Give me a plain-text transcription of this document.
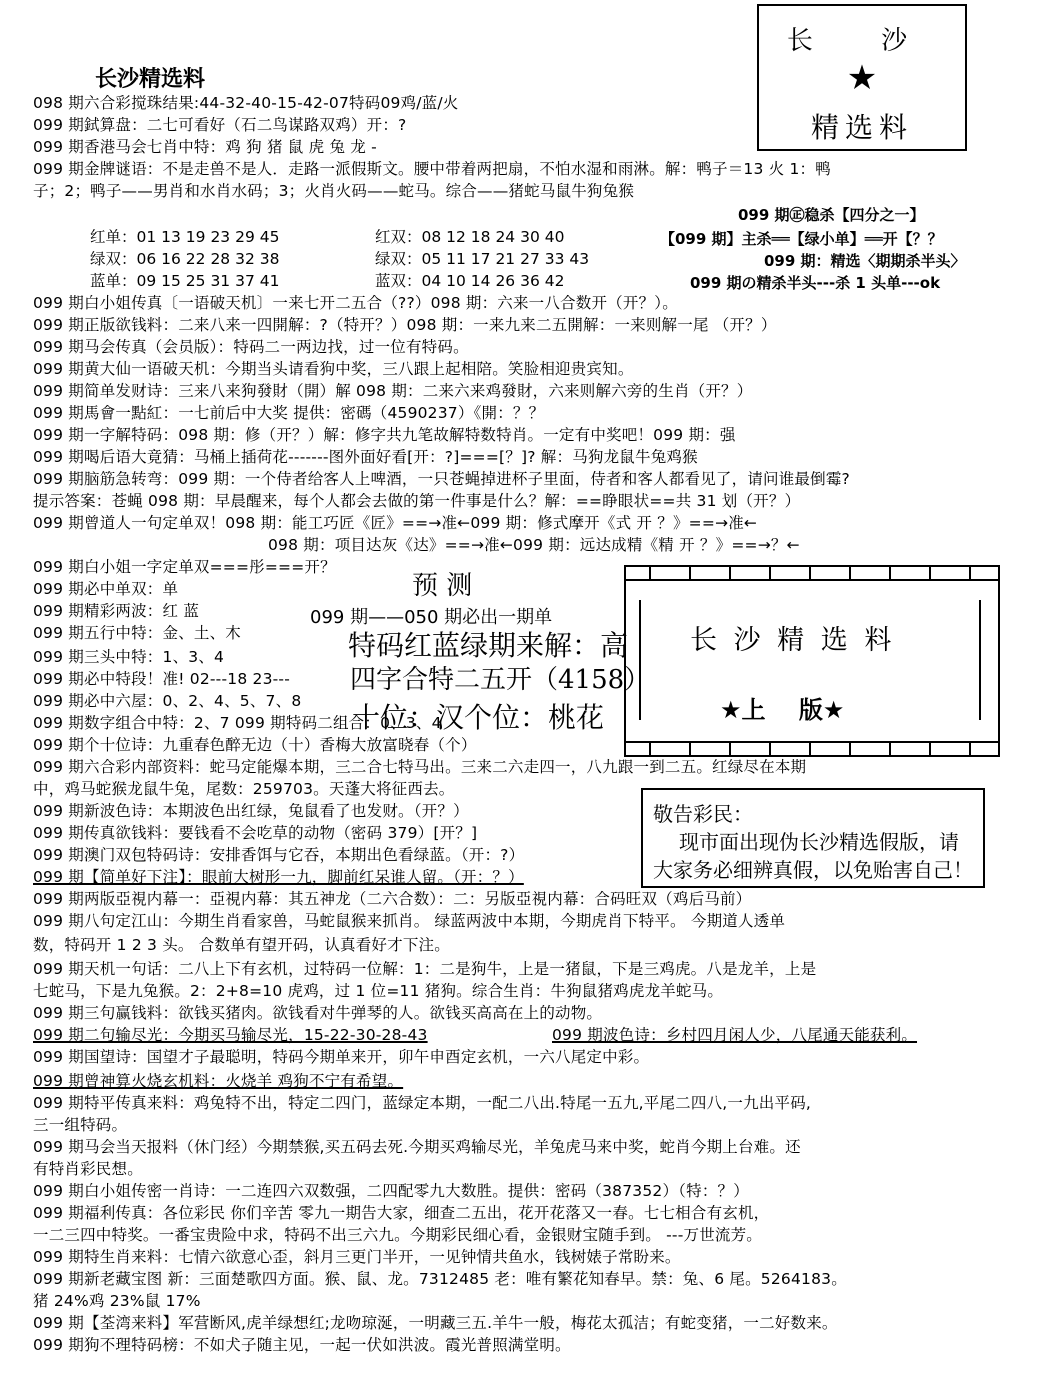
长 沙
★
精选料
长沙精选料
098 期六合彩搅珠结果:44-32-40-15-42-07特码09鸡/蓝/火
099 期鉽算盘：二七可看好（石二鸟谋路双鸡）开：?
099 期香港马会七肖中特：鸡 狗 猪 鼠 虎 兔 龙 -
099 期金牌谜语：不是走兽不是人．走路一派假斯文。腰中带着两把扇，不怕水湿和雨淋。解：鸭子＝13 火 1：鸭
子；2；鸭子——男肖和水肖水码；3；火肖火码——蛇马。综合——猪蛇马鼠牛狗兔猴
红单：01 13 19 23 29 45	红双：08 12 18 24 30 40
绿双：06 16 22 28 32 38	绿双：05 11 17 21 27 33 43
蓝单：09 15 25 31 37 41	蓝双：04 10 14 26 36 42
099 期㊣稳杀【四分之一】
【099 期】主杀══【绿小单】══开【？？
099 期：精选〈期期杀半头〉
099 期の精杀半头---杀 1 头单---ok
099 期白小姐传真〔一语破天机〕一来七开二五合（??）098 期：六来一八合数开（开？）。
099 期正版欲钱料：二来八来一四開解：?（特开？）098 期：一来九来二五開解：一来则解一尾 （开？）
099 期马会传真（会员版）：特码二一两边找，过一位有特码。
099 期黄大仙一语破天机：今期当头请看狗中奖，三八跟上起相陪。笑脸相迎贵宾知。
099 期简单发财诗：三来八来狗發財（開）解 098 期：二来六来鸡發財，六来则解六旁的生肖（开？）
099 期馬會一點紅：一七前后中大奖 提供：密碼（4590237）《開：？？
099 期一字解特码：098 期：修（开？）解：修字共九笔故解特数特肖。一定有中奖吧！099 期：强
099 期喝后语大竟猜：马桶上插荷花-------图外面好看[开：?]===[？]? 解：马狗龙鼠牛兔鸡猴
099 期脑筋急转弯：099 期：一个侍者给客人上啤酒，一只苍蝇掉进杯子里面，侍者和客人都看见了，请问谁最倒霉?
提示答案：苍蝇 098 期：早晨醒来，每个人都会去做的第一件事是什么？解：==睁眼状==共 31 划（开？）
099 期曾道人一句定单双！098 期：能工巧匠《匠》==→准←099 期：修式摩开《式 开 ？》==→准←
098 期：项目达灰《达》==→准←099 期：远达成精《精 开 ？》==→？←
099 期白小姐一字定单双===彤===开？
099 期必中单双：单
099 期精彩两波：红 蓝
099 期五行中特：金、土、木
099 期三头中特：1、3、4
099 期必中特段！准! 02---18 23---
099 期必中六屋：0、2、4、5、7、8
099 期数字组合中特：2、7 099 期特码二组合：0、3、4
预 测
099 期——050 期必出一期单
特码红蓝绿期来解：高
四字合特二五开（4158）
十位：汉个位：桃花
长 沙 精 选 料
★上    版★
099 期个十位诗：九重春色醉无边（十）香梅大放富晓春（个）
099 期六合彩内部资料：蛇马定能爆本期，三二合七特马出。三来二六走四一，八九跟一到二五。红绿尽在本期
中，鸡马蛇猴龙鼠牛兔，尾数：259703。天蓬大将征西去。
099 期新波色诗：本期波色出红绿，兔鼠看了也发财。（开？）
099 期传真欲钱料：要钱看不会吃草的动物（密码 379）[开？]
099 期澳门双包特码诗：安排香饵与它吞，本期出色看绿蓝。（开：?）
099 期【简单好下注】：眼前大树形一九，脚前红呆谁人留。（开：？）
敬告彩民：
现市面出现伪长沙精选假版，请
大家务必细辨真假，以免贻害自己！
099 期两版亞視内幕一：亞視内幕：其五神龙（二六合数）：二：另版亞視内幕：合码旺双（鸡后马前）
099 期八句定江山：今期生肖看家兽，马蛇鼠猴来抓肖。 绿蓝两波中本期，今期虎肖下特平。 今期道人透单
数，特码开 1 2 3 头。 合数单有望开码，认真看好才下注。
099 期天机一句话：二八上下有玄机，过特码一位解：1：二是狗牛，上是一猪鼠，下是三鸡虎。八是龙羊，上是
七蛇马，下是九兔猴。2：2+8=10 虎鸡，过 1 位=11 猪狗。综合生肖：牛狗鼠猪鸡虎龙羊蛇马。
099 期三句赢钱料：欲钱买猪肉。欲钱看对牛弹琴的人。欲钱买高高在上的动物。
099 期二句输尽光：今期买马输尽光，15-22-30-28-43	099 期波色诗：乡村四月闲人少，八尾通天能获利。
099 期国望诗：国望才子最聪明，特码今期单来开，卯午申酉定玄机，一六八尾定中彩。
099 期曾神算火烧玄机料：火烧羊 鸡狗不宁有希望。
099 期特平传真来料：鸡兔特不出，特定二四门，蓝绿定本期，一配二八出.特尾一五九,平尾二四八,一九出平码,
三一组特码。
099 期马会当天报料（休门经）今期禁猴,买五码去死.今期买鸡输尽光，羊兔虎马来中奖，蛇肖今期上台难。还
有特肖彩民想。
099 期白小姐传密一肖诗：一二连四六双数强，二四配零九大数胜。提供：密码（387352）（特：？）
099 期福利传真：各位彩民 你们辛苦 零九一期告大家，细查二五出，花开花落又一春。七七相合有玄机，
一二三四中特奖。一番宝贵险中求，特码不出三六九。今期彩民细心看，金银财宝随手到。 ---万世流芳。
099 期特生肖来料：七情六欲意心歪，斜月三更门半开，一见钟情共鱼水，钱树婊子常盼来。
099 期新老藏宝图 新：三面楚歌四方面。猴、鼠、龙。7312485 老：唯有繁花知春早。禁：兔、6 尾。5264183。
猪 24%鸡 23%鼠 17%
099 期【荃湾来料】军营断风,虎羊绿想红;龙吻琼涎，一明藏三五.羊牛一般，梅花太孤洁；有蛇变猪，一二好数来。
099 期狗不理特码榜：不如犬子随主见，一起一伏如洪波。霞光普照满堂明。
